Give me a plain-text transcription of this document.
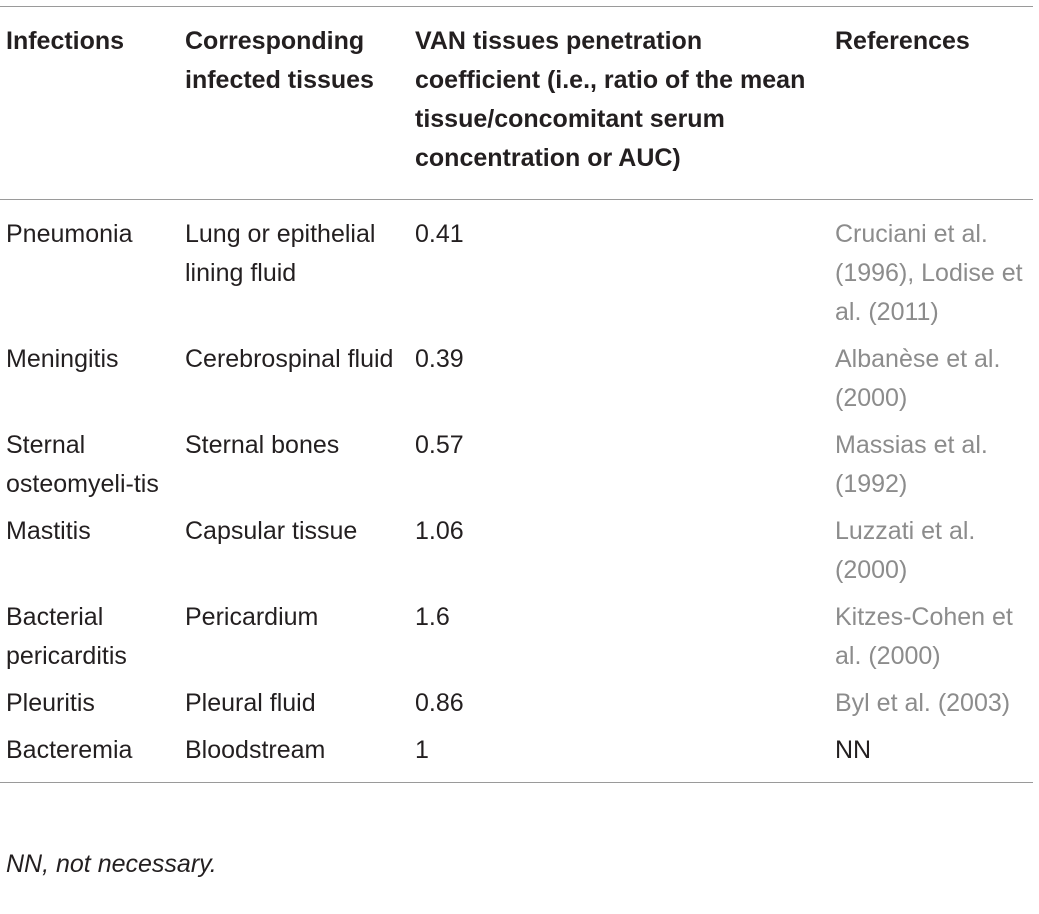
Infections	Corresponding infected tissues	VAN tissues penetration coefficient (i.e., ratio of the mean tissue/concomitant serum concentration or AUC)	References
Pneumonia	Lung or epithelial lining fluid	0.41	Cruciani et al. (1996), Lodise et al. (2011)
Meningitis	Cerebrospinal fluid	0.39	Albanèse et al. (2000)
Sternal osteomyeli-tis	Sternal bones	0.57	Massias et al. (1992)
Mastitis	Capsular tissue	1.06	Luzzati et al. (2000)
Bacterial pericarditis	Pericardium	1.6	Kitzes-Cohen et al. (2000)
Pleuritis	Pleural fluid	0.86	Byl et al. (2003)
Bacteremia	Bloodstream	1	NN
NN, not necessary.
